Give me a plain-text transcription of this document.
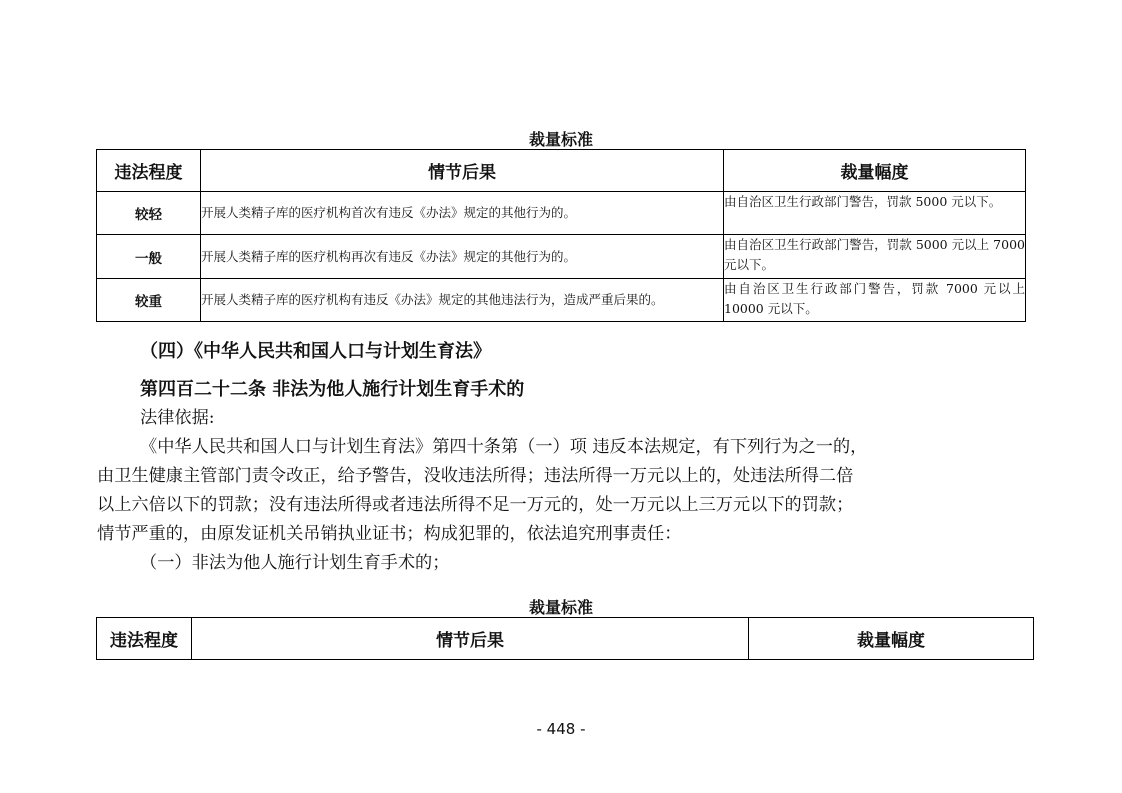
裁量标准
违法程度	情节后果	裁量幅度
较轻	开展人类精子库的医疗机构首次有违反《办法》规定的其他行为的。	由自治区卫生行政部门警告，罚款 5000 元以下。
一般	开展人类精子库的医疗机构再次有违反《办法》规定的其他行为的。	由自治区卫生行政部门警告，罚款 5000 元以上 7000 元以下。
较重	开展人类精子库的医疗机构有违反《办法》规定的其他违法行为，造成严重后果的。	由自治区卫生行政部门警告，罚款 7000 元以上 10000 元以下。
（四）《中华人民共和国人口与计划生育法》
第四百二十二条 非法为他人施行计划生育手术的
法律依据:
《中华人民共和国人口与计划生育法》第四十条第（一）项 违反本法规定，有下列行为之一的，
由卫生健康主管部门责令改正，给予警告，没收违法所得；违法所得一万元以上的，处违法所得二倍
以上六倍以下的罚款；没有违法所得或者违法所得不足一万元的，处一万元以上三万元以下的罚款；
情节严重的，由原发证机关吊销执业证书；构成犯罪的，依法追究刑事责任：
（一）非法为他人施行计划生育手术的；
裁量标准
违法程度	情节后果	裁量幅度
- 448 -
